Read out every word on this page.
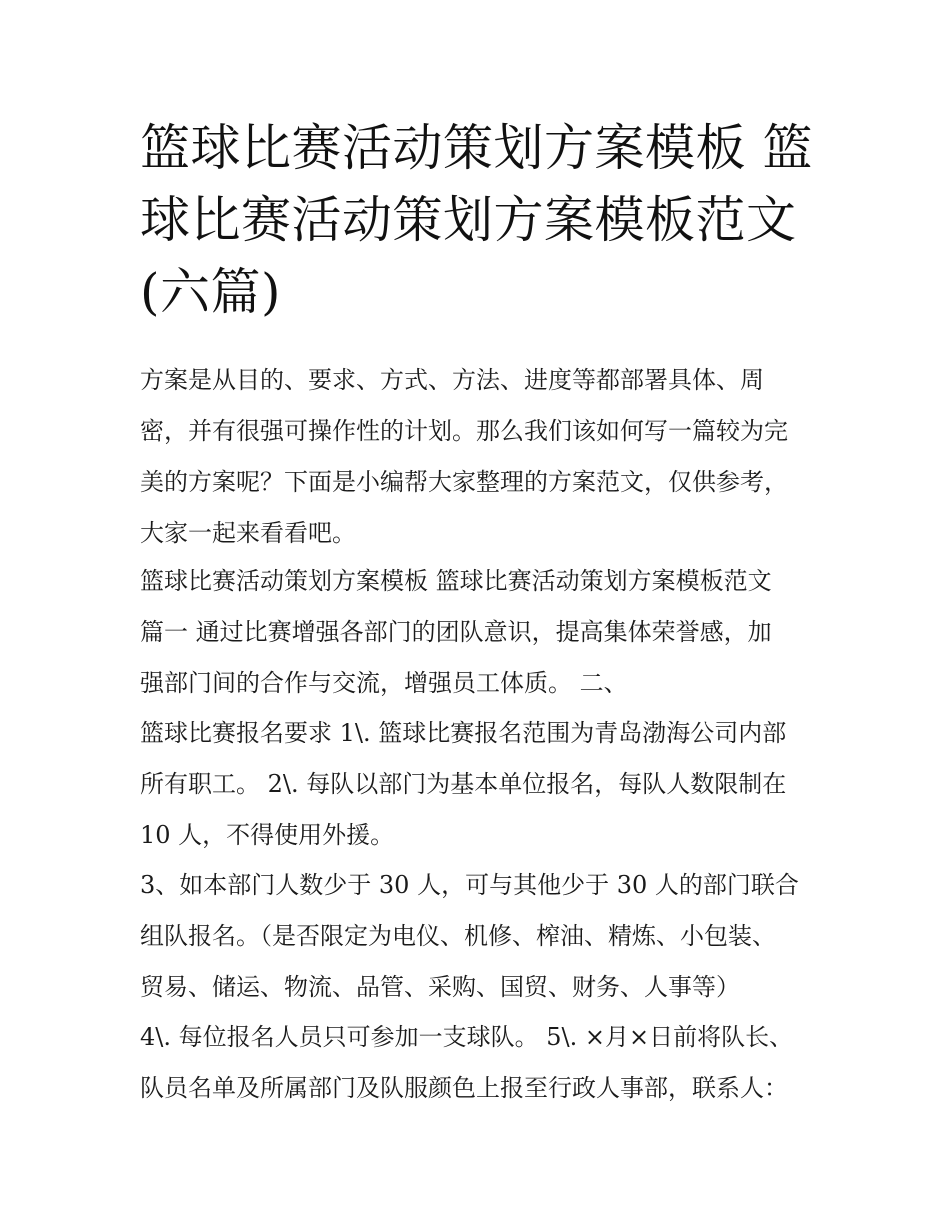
篮球比赛活动策划方案模板 篮
球比赛活动策划方案模板范文
(六篇)
方案是从目的、要求、方式、方法、进度等都部署具体、周
密，并有很强可操作性的计划。那么我们该如何写一篇较为完
美的方案呢？下面是小编帮大家整理的方案范文，仅供参考，
大家一起来看看吧。
篮球比赛活动策划方案模板 篮球比赛活动策划方案模板范文
篇一 通过比赛增强各部门的团队意识，提高集体荣誉感，加
强部门间的合作与交流，增强员工体质。 二、
篮球比赛报名要求 1\. 篮球比赛报名范围为青岛渤海公司内部
所有职工。 2\. 每队以部门为基本单位报名，每队人数限制在
10 人，不得使用外援。
3、如本部门人数少于 30 人，可与其他少于 30 人的部门联合
组队报名。（是否限定为电仪、机修、榨油、精炼、小包装、
贸易、储运、物流、品管、采购、国贸、财务、人事等）
4\. 每位报名人员只可参加一支球队。 5\. ×月×日前将队长、
队员名单及所属部门及队服颜色上报至行政人事部，联系人：
